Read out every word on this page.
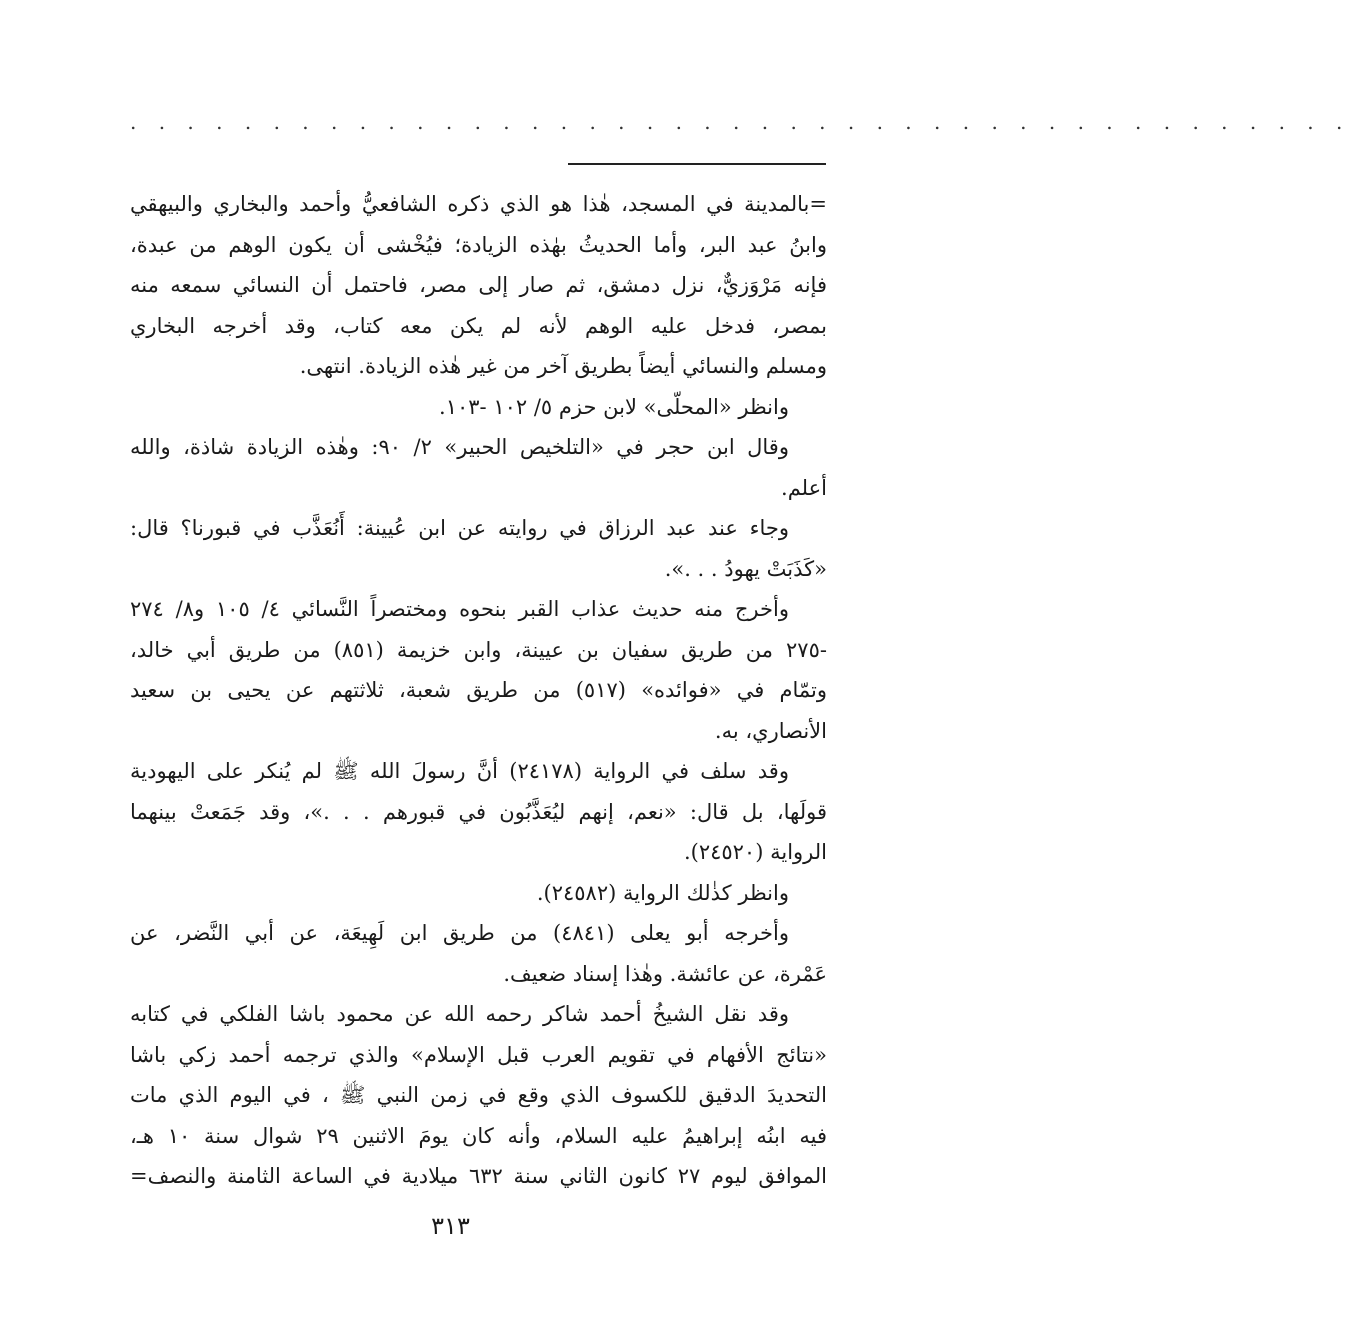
. . . . . . . . . . . . . . . . . . . . . . . . . . . . . . . . . . . . . . . . . . .
=بالمدينة في المسجد، هٰذا هو الذي ذكره الشافعيُّ وأحمد والبخاري والبيهقي
وابنُ عبد البر، وأما الحديثُ بهٰذه الزيادة؛ فيُخْشى أن يكون الوهم من عبدة،
فإنه مَرْوَزيٌّ، نزل دمشق، ثم صار إلى مصر، فاحتمل أن النسائي سمعه منه
بمصر، فدخل عليه الوهم لأنه لم يكن معه كتاب، وقد أخرجه البخاري
ومسلم والنسائي أيضاً بطريق آخر من غير هٰذه الزيادة. انتهى.
وانظر «المحلّى» لابن حزم ٥/ ١٠٢ -١٠٣.
وقال ابن حجر في «التلخيص الحبير» ٢/ ٩٠: وهٰذه الزيادة شاذة، والله
أعلم.
وجاء عند عبد الرزاق في روايته عن ابن عُيينة: أَنُعَذَّب في قبورنا؟ قال:
«كَذَبَتْ يهودُ . . .».
وأخرج منه حديث عذاب القبر بنحوه ومختصراً النَّسائي ٤/ ١٠٥ و٨/ ٢٧٤
-٢٧٥ من طريق سفيان بن عيينة، وابن خزيمة (٨٥١) من طريق أبي خالد،
وتمّام في «فوائده» (٥١٧) من طريق شعبة، ثلاثتهم عن يحيى بن سعيد
الأنصاري، به.
وقد سلف في الرواية (٢٤١٧٨) أنَّ رسولَ الله ﷺ لم يُنكر على اليهودية
قولَها، بل قال: «نعم، إنهم ليُعَذَّبُون في قبورهم . . .»، وقد جَمَعتْ بينهما
الرواية (٢٤٥٢٠).
وانظر كذٰلك الرواية (٢٤٥٨٢).
وأخرجه أبو يعلى (٤٨٤١) من طريق ابن لَهِيعَة، عن أبي النَّضر، عن
عَمْرة، عن عائشة. وهٰذا إسناد ضعيف.
وقد نقل الشيخُ أحمد شاكر رحمه الله عن محمود باشا الفلكي في كتابه
«نتائج الأفهام في تقويم العرب قبل الإسلام» والذي ترجمه أحمد زكي باشا
التحديدَ الدقيق للكسوف الذي وقع في زمن النبي ﷺ ، في اليوم الذي مات
فيه ابنُه إبراهيمُ عليه السلام، وأنه كان يومَ الاثنين ٢٩ شوال سنة ١٠ هـ،
الموافق ليوم ٢٧ كانون الثاني سنة ٦٣٢ ميلادية في الساعة الثامنة والنصف=
٣١٣
